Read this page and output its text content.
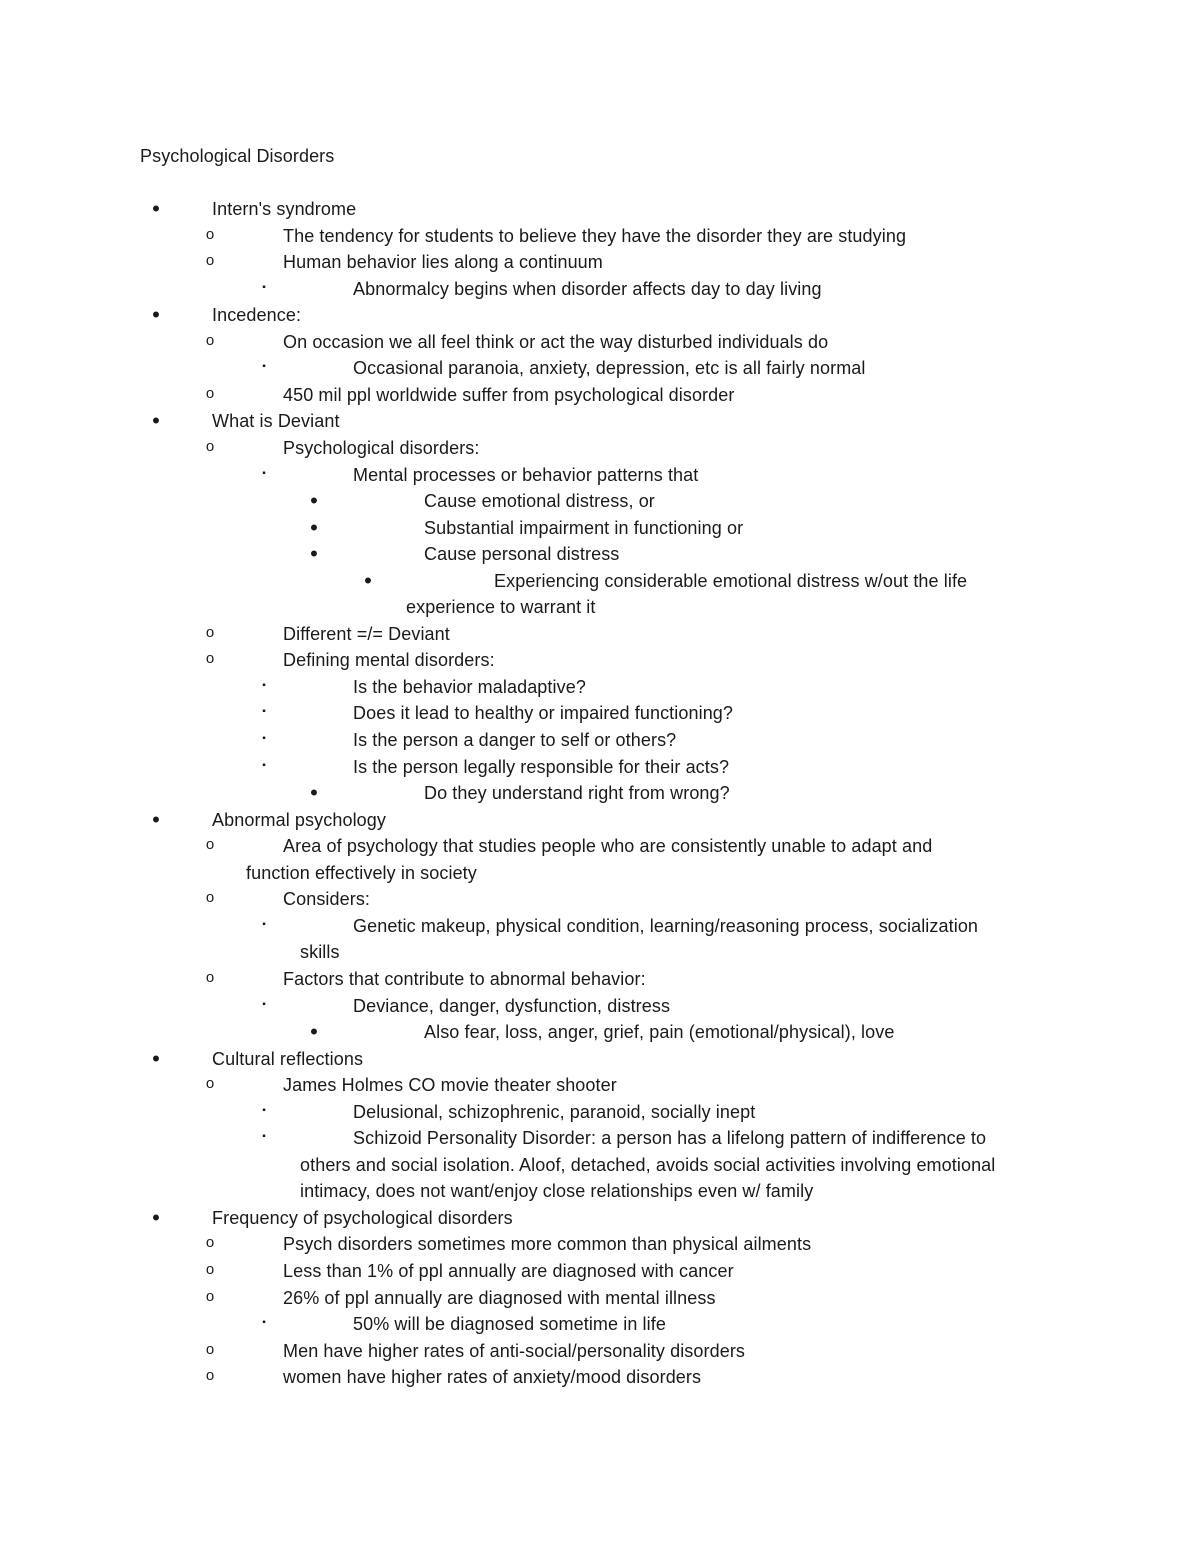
Psychological Disorders
•	Intern's syndrome
o	The tendency for students to believe they have the disorder they are studying
o	Human behavior lies along a continuum
▪	Abnormalcy begins when disorder affects day to day living
•	Incedence:
o	On occasion we all feel think or act the way disturbed individuals do
▪	Occasional paranoia, anxiety, depression, etc is all fairly normal
o	450 mil ppl worldwide suffer from psychological disorder
•	What is Deviant
o	Psychological disorders:
▪	Mental processes or behavior patterns that
•	Cause emotional distress, or
•	Substantial impairment in functioning or
•	Cause personal distress
•	Experiencing considerable emotional distress w/out the life
experience to warrant it
o	Different =/= Deviant
o	Defining mental disorders:
▪	Is the behavior maladaptive?
▪	Does it lead to healthy or impaired functioning?
▪	Is the person a danger to self or others?
▪	Is the person legally responsible for their acts?
•	Do they understand right from wrong?
•	Abnormal psychology
o	Area of psychology that studies people who are consistently unable to adapt and
function effectively in society
o	Considers:
▪	Genetic makeup, physical condition, learning/reasoning process, socialization
skills
o	Factors that contribute to abnormal behavior:
▪	Deviance, danger, dysfunction, distress
•	Also fear, loss, anger, grief, pain (emotional/physical), love
•	Cultural reflections
o	James Holmes CO movie theater shooter
▪	Delusional, schizophrenic, paranoid, socially inept
▪	Schizoid Personality Disorder: a person has a lifelong pattern of indifference to
others and social isolation. Aloof, detached, avoids social activities involving emotional
intimacy, does not want/enjoy close relationships even w/ family
•	Frequency of psychological disorders
o	Psych disorders sometimes more common than physical ailments
o	Less than 1% of ppl annually are diagnosed with cancer
o	26% of ppl annually are diagnosed with mental illness
▪	50% will be diagnosed sometime in life
o	Men have higher rates of anti-social/personality disorders
o	women have higher rates of anxiety/mood disorders
